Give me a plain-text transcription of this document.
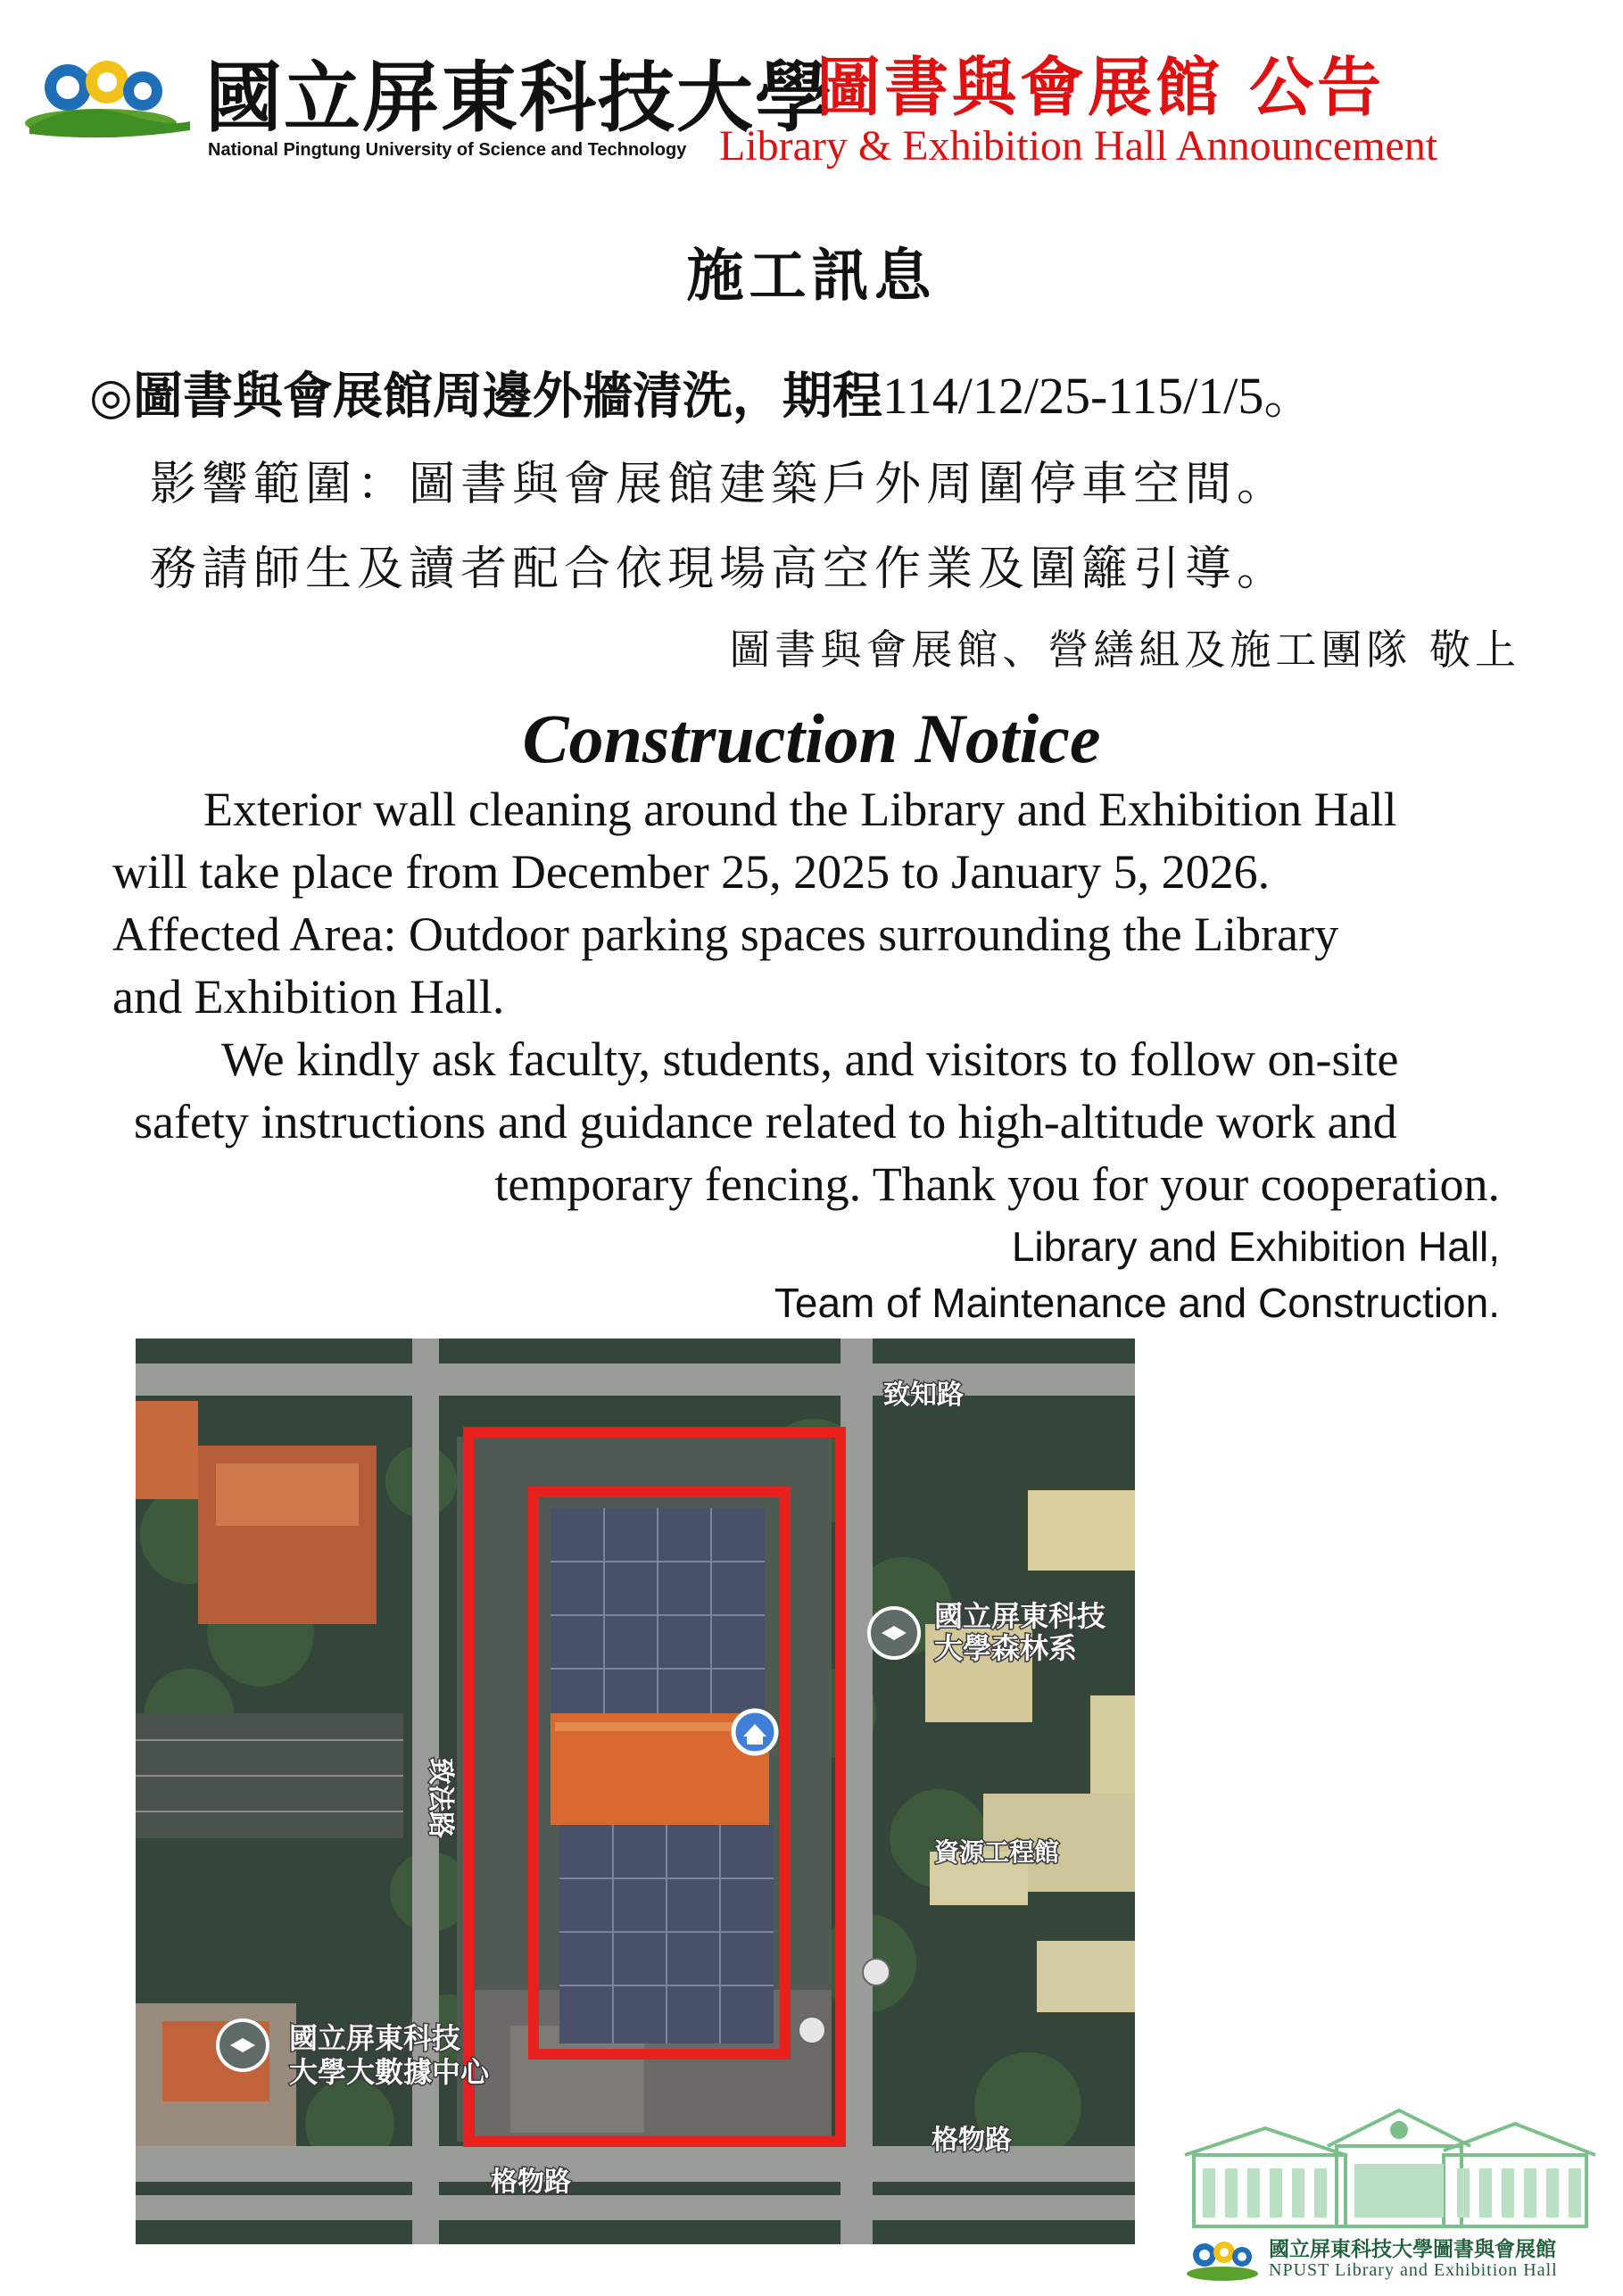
國立屏東科技大學
National Pingtung University of Science and Technology
圖書與會展館 公告
Library & Exhibition Hall Announcement
施工訊息
◎圖書與會展館周邊外牆清洗，期程114/12/25-115/1/5。
影響範圍：圖書與會展館建築戶外周圍停車空間。
務請師生及讀者配合依現場高空作業及圍籬引導。
圖書與會展館、營繕組及施工團隊 敬上
Construction Notice
Exterior wall cleaning around the Library and Exhibition Hall
will take place from December 25, 2025 to January 5, 2026.
Affected Area: Outdoor parking spaces surrounding the Library
and Exhibition Hall.
We kindly ask faculty, students, and visitors to follow on-site
safety instructions and guidance related to high-altitude work and
temporary fencing. Thank you for your cooperation.
Library and Exhibition Hall,
Team of Maintenance and Construction.
致知路
致法路
國立屏東科技
大學森林系
資源工程館
國立屏東科技
大學大數據中心
格物路
格物路
國立屏東科技大學圖書與會展館
NPUST Library and Exhibition Hall
